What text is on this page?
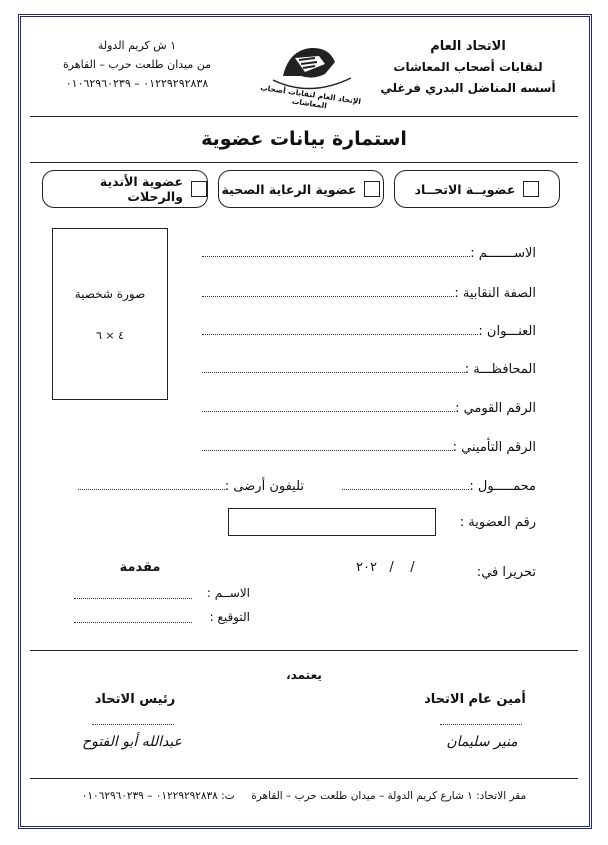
الاتحاد العام
لنقابات أصحاب المعاشات
أسسه المناضل البدري فرغلي
١ ش كريم الدولة
من ميدان طلعت حرب – القاهرة
٠١٢٢٩٢٩٢٨٣٨ – ٠١٠٦٢٩٦٠٢٣٩	الإتحاد العام لنقابات أصحاب المعاشات
استمارة بيانات عضوية
عضويــة الاتحــاد
عضوية الرعاية الصحية
عضوية الأندية والرحلات
صورة شخصية
٤ × ٦
الاســـــــم :
الصفة النقابية :
العنـــوان :
المحافظـــة :
الرقم القومي :
الرقم التأميني :
محمـــــول :
تليفون أرضى :
رقم العضوية :
تحريرا في:
/    /   ٢٠٢
مقدمة
الاســم :
التوقيع :
يعتمد،
أمين عام الاتحاد
منير سليمان
رئيس الاتحاد
عبدالله أبو الفتوح
مقر الاتحاد: ١ شارع كريم الدولة – ميدان طلعت حرب – القاهرة     ت: ٠١٢٢٩٢٩٢٨٣٨ – ٠١٠٦٢٩٦٠٢٣٩
